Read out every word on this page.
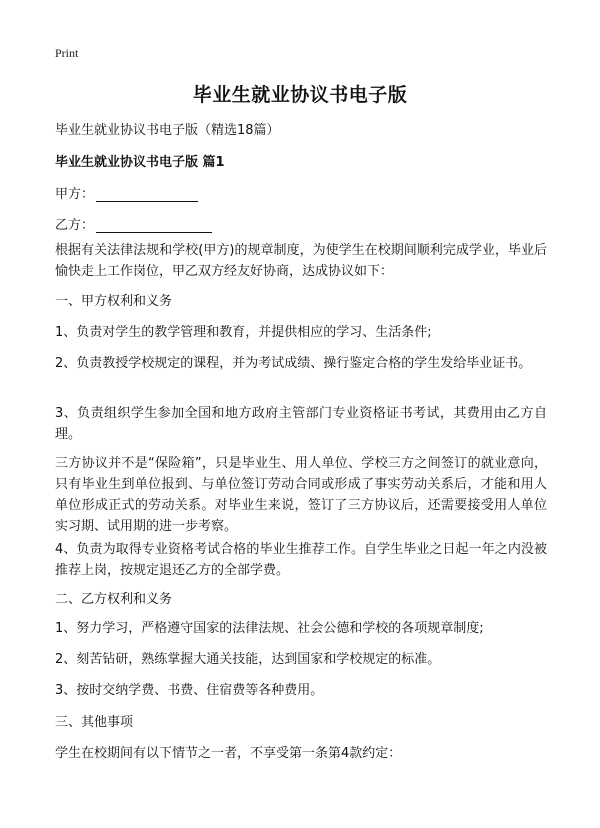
Print
毕业生就业协议书电子版
毕业生就业协议书电子版（精选18篇）
毕业生就业协议书电子版 篇1
甲方：
乙方：

根据有关法律法规和学校(甲方)的规章制度，为使学生在校期间顺利完成学业，毕业后愉快走上工作岗位，甲乙双方经友好协商，达成协议如下：

一、甲方权利和义务

1、负责对学生的教学管理和教育，并提供相应的学习、生活条件;

2、负责教授学校规定的课程，并为考试成绩、操行鉴定合格的学生发给毕业证书。

3、负责组织学生参加全国和地方政府主管部门专业资格证书考试，其费用由乙方自理。

三方协议并不是“保险箱”，只是毕业生、用人单位、学校三方之间签订的就业意向，只有毕业生到单位报到、与单位签订劳动合同或形成了事实劳动关系后，才能和用人单位形成正式的劳动关系。对毕业生来说，签订了三方协议后，还需要接受用人单位实习期、试用期的进一步考察。

4、负责为取得专业资格考试合格的毕业生推荐工作。自学生毕业之日起一年之内没被推荐上岗，按规定退还乙方的全部学费。

二、乙方权利和义务

1、努力学习，严格遵守国家的法律法规、社会公德和学校的各项规章制度;

2、刻苦钻研，熟练掌握大通关技能，达到国家和学校规定的标准。

3、按时交纳学费、书费、住宿费等各种费用。

三、其他事项

学生在校期间有以下情节之一者，不享受第一条第4款约定：
